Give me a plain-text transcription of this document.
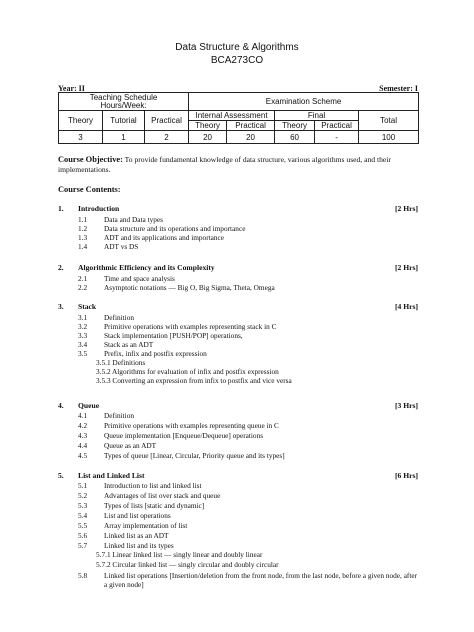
Data Structure & Algorithms
BCA273CO
Year: II	Semester: I
Teaching Schedule			Examination Scheme				
Hours/Week:							
Theory	Tutorial	Practical	Internal Assessment		Final		Total
			Theory	Practical	Theory	Practical	
3	1	2	20	20	60	-	100
Course Objective: To provide fundamental knowledge of data structure, various algorithms used, and their implementations.
Course Contents:
1. Introduction	[2 Hrs]
1.1 Data and Data types
1.2 Data structure and its operations and importance
1.3 ADT and its applications and importance
1.4 ADT vs DS
2. Algorithmic Efficiency and its Complexity	[2 Hrs]
2.1 Time and space analysis
2.2 Asymptotic notations — Big O, Big Sigma, Theta, Omega
3. Stack	[4 Hrs]
3.1 Definition
3.2 Primitive operations with examples representing stack in C
3.3 Stack implementation [PUSH/POP] operations,
3.4 Stack as an ADT
3.5 Prefix, infix and postfix expression
3.5.1 Definitions
3.5.2 Algorithms for evaluation of infix and postfix expression
3.5.3 Converting an expression from infix to postfix and vice versa
4. Queue	[3 Hrs]
4.1 Definition
4.2 Primitive operations with examples representing queue in C
4.3 Queue implementation [Enqueue/Dequeue] operations
4.4 Queue as an ADT
4.5 Types of queue [Linear, Circular, Priority queue and its types]
5. List and Linked List	[6 Hrs]
5.1 Introduction to list and linked list
5.2 Advantages of list over stack and queue
5.3 Types of lists [static and dynamic]
5.4 List and list operations
5.5 Array implementation of list
5.6 Linked list as an ADT
5.7 Linked list and its types
5.7.1 Linear linked list — singly linear and doubly linear
5.7.2 Circular linked list — singly circular and doubly circular
5.8 Linked list operations [Insertion/deletion from the front node, from the last node, before a given node, after a given node]
